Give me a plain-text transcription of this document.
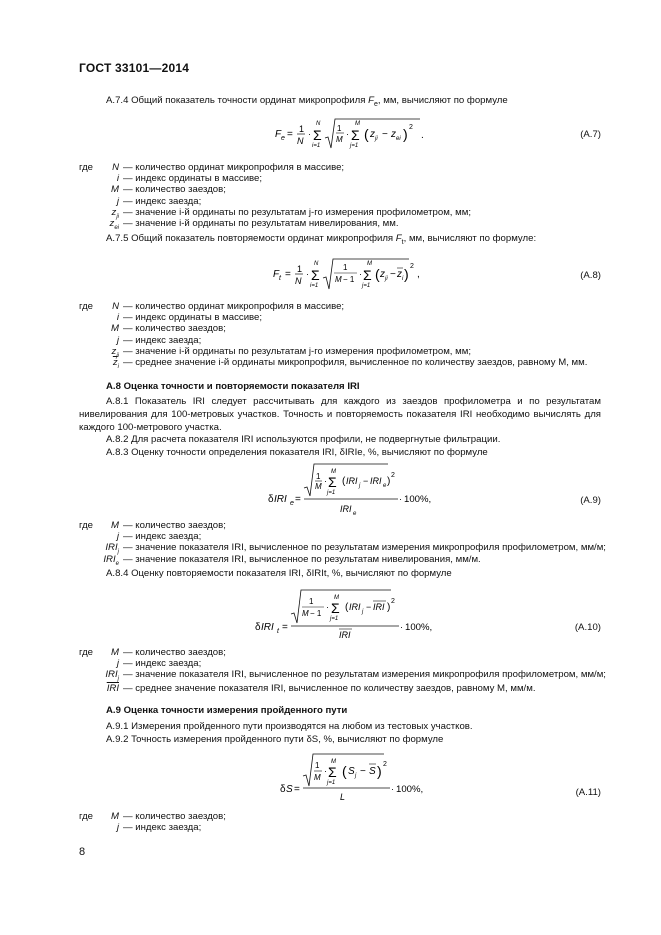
ГОСТ 33101—2014
А.7.4 Общий показатель точности ординат микропрофиля $F_e$, мм, вычисляют по формуле
F e = 1
N
·
N
Σ
i=1
1
M
·
M
Σ
j=1
( z ji − z ei ) 2
.	(А.7)
где N — количество ординат микропрофиля в массиве;
i — индекс ординаты в массиве;
M — количество заездов;
j — индекс заезда;
$z_{ji}$ — значение i-й ординаты по результатам j-го измерения профилометром, мм;
$z_{ei}$ — значение i-й ординаты по результатам нивелирования, мм.
А.7.5 Общий показатель повторяемости ординат микропрофиля $F_t$, мм, вычисляют по формуле:
F t = 1
N
·
N
Σ
i=1
1
M − 1
·
M
Σ
j=1
( z ji − z i ) 2
,	(А.8)
где N — количество ординат микропрофиля в массиве;
i — индекс ординаты в массиве;
M — количество заездов;
j — индекс заезда;
$z_{ji}$ — значение i-й ординаты по результатам j-го измерения профилометром, мм;
$\overline{z}_i$ — среднее значение i-й ординаты микропрофиля, вычисленное по количеству заездов, равному M, мм.
А.8 Оценка точности и повторяемости показателя IRI
А.8.1 Показатель IRI следует рассчитывать для каждого из заездов профилометра и по результатам нивелирования для 100-метровых участков. Точность и повторяемость показателя IRI необходимо вычислять для каждого 100-метрового участка.
А.8.2 Для расчета показателя IRI используются профили, не подвергнутые фильтрации.
А.8.3 Оценку точности определения показателя IRI, δIRIe, %, вычисляют по формуле
δ IRI e =
1
M
·
M
Σ
j=1
( IRI j − IRI e )
2
IRI e
· 100%,	(А.9)
где M — количество заездов;
j — индекс заезда;
$IRI_j$ — значение показателя IRI, вычисленное по результатам измерения микропрофиля профилометром, мм/м;
$IRI_e$ — значение показателя IRI, вычисленное по результатам нивелирования, мм/м.
А.8.4 Оценку повторяемости показателя IRI, δIRIt, %, вычисляют по формуле
δ IRI t =
1
M − 1
·
M
Σ
j=1
( IRI j − IRI )
2
IRI
· 100%,	(А.10)
где M — количество заездов;
j — индекс заезда;
$IRI_j$ — значение показателя IRI, вычисленное по результатам измерения микропрофиля профилометром, мм/м;
$\overline{IRI}$ — среднее значение показателя IRI, вычисленное по количеству заездов, равному M, мм/м.
А.9 Оценка точности измерения пройденного пути
А.9.1 Измерения пройденного пути производятся на любом из тестовых участков.
А.9.2 Точность измерения пройденного пути δS, %, вычисляют по формуле
δ S =
1
M
·
M
Σ
j=1
( S j − S ) 2
L
· 100%,	(А.11)
где M — количество заездов;
j — индекс заезда;
8
